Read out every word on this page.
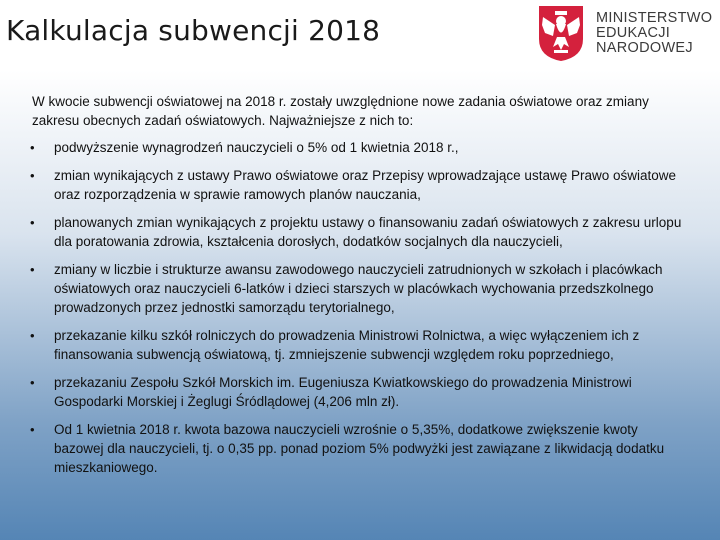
Kalkulacja subwencji 2018	MINISTERSTWO
EDUKACJI
NARODOWEJ
W kwocie subwencji oświatowej na 2018 r. zostały uwzględnione nowe zadania oświatowe oraz zmiany zakresu obecnych zadań oświatowych. Najważniejsze z nich to:
• podwyższenie wynagrodzeń nauczycieli o 5% od 1 kwietnia 2018 r.,
• zmian wynikających z ustawy Prawo oświatowe oraz Przepisy wprowadzające ustawę Prawo oświatowe oraz rozporządzenia w sprawie ramowych planów nauczania,
• planowanych zmian wynikających z projektu ustawy o finansowaniu zadań oświatowych z zakresu urlopu dla poratowania zdrowia, kształcenia dorosłych, dodatków socjalnych dla nauczycieli,
• zmiany w liczbie i strukturze awansu zawodowego nauczycieli zatrudnionych w szkołach i placówkach oświatowych oraz nauczycieli 6-latków i dzieci starszych w placówkach wychowania przedszkolnego prowadzonych przez jednostki samorządu terytorialnego,
• przekazanie kilku szkół rolniczych do prowadzenia Ministrowi Rolnictwa, a więc wyłączeniem ich z finansowania subwencją oświatową, tj. zmniejszenie subwencji względem roku poprzedniego,
• przekazaniu Zespołu Szkół Morskich im. Eugeniusza Kwiatkowskiego do prowadzenia Ministrowi Gospodarki Morskiej i Żeglugi Śródlądowej (4,206 mln zł).
• Od 1 kwietnia 2018 r. kwota bazowa nauczycieli wzrośnie o 5,35%, dodatkowe zwiększenie kwoty bazowej dla nauczycieli, tj. o 0,35 pp. ponad poziom 5% podwyżki jest zawiązane z likwidacją dodatku mieszkaniowego.
